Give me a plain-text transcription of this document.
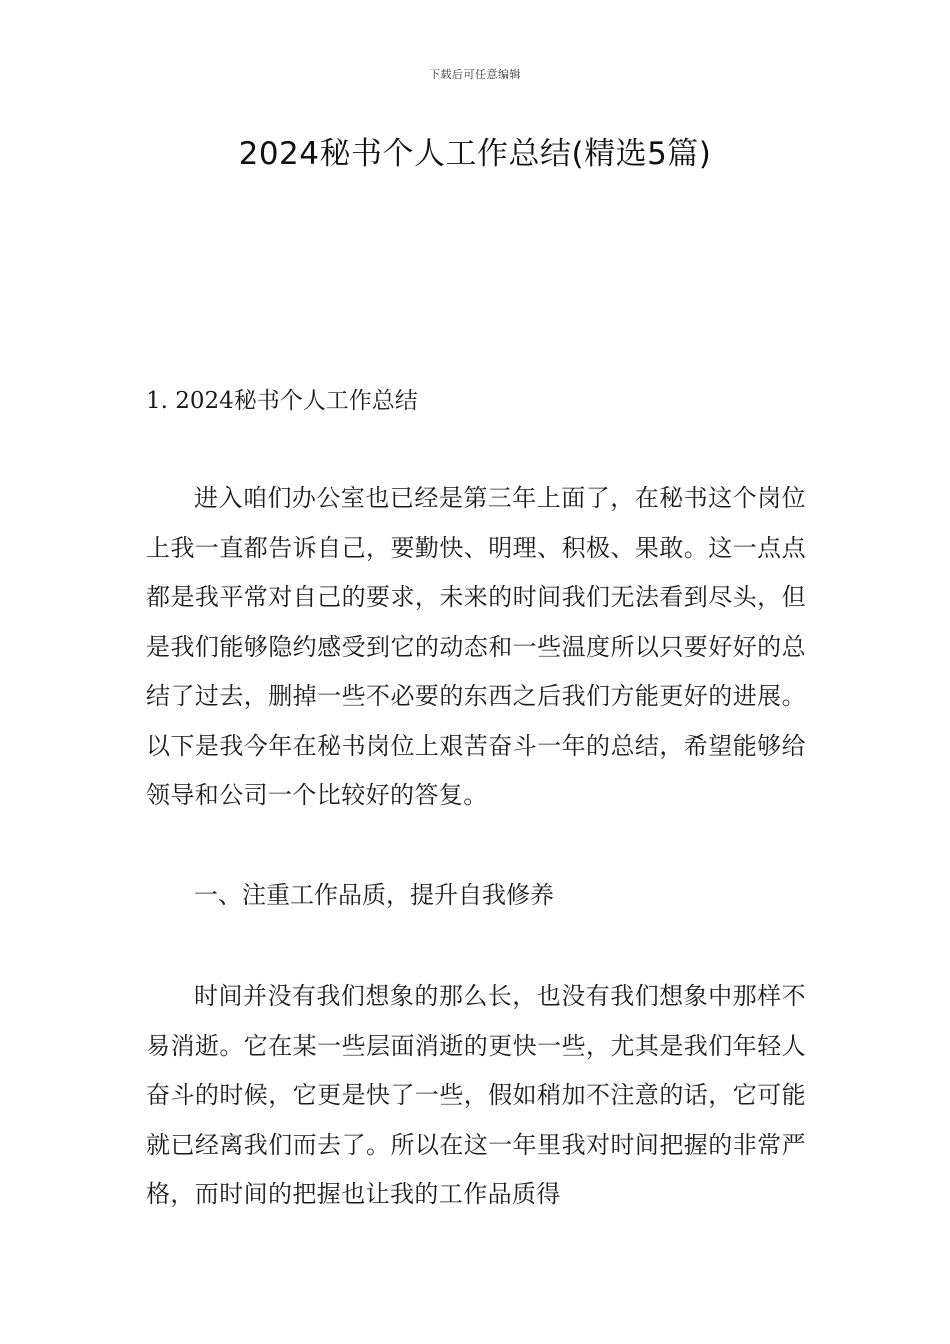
下载后可任意编辑
2024秘书个人工作总结(精选5篇)
1. 2024秘书个人工作总结

进入咱们办公室也已经是第三年上面了，在秘书这个岗位上我一直都告诉自己，要勤快、明理、积极、果敢。这一点点都是我平常对自己的要求，未来的时间我们无法看到尽头，但是我们能够隐约感受到它的动态和一些温度所以只要好好的总结了过去，删掉一些不必要的东西之后我们方能更好的进展。以下是我今年在秘书岗位上艰苦奋斗一年的总结，希望能够给领导和公司一个比较好的答复。

一、注重工作品质，提升自我修养

时间并没有我们想象的那么长，也没有我们想象中那样不易消逝。它在某一些层面消逝的更快一些，尤其是我们年轻人奋斗的时候，它更是快了一些，假如稍加不注意的话，它可能就已经离我们而去了。所以在这一年里我对时间把握的非常严格，而时间的把握也让我的工作品质得
